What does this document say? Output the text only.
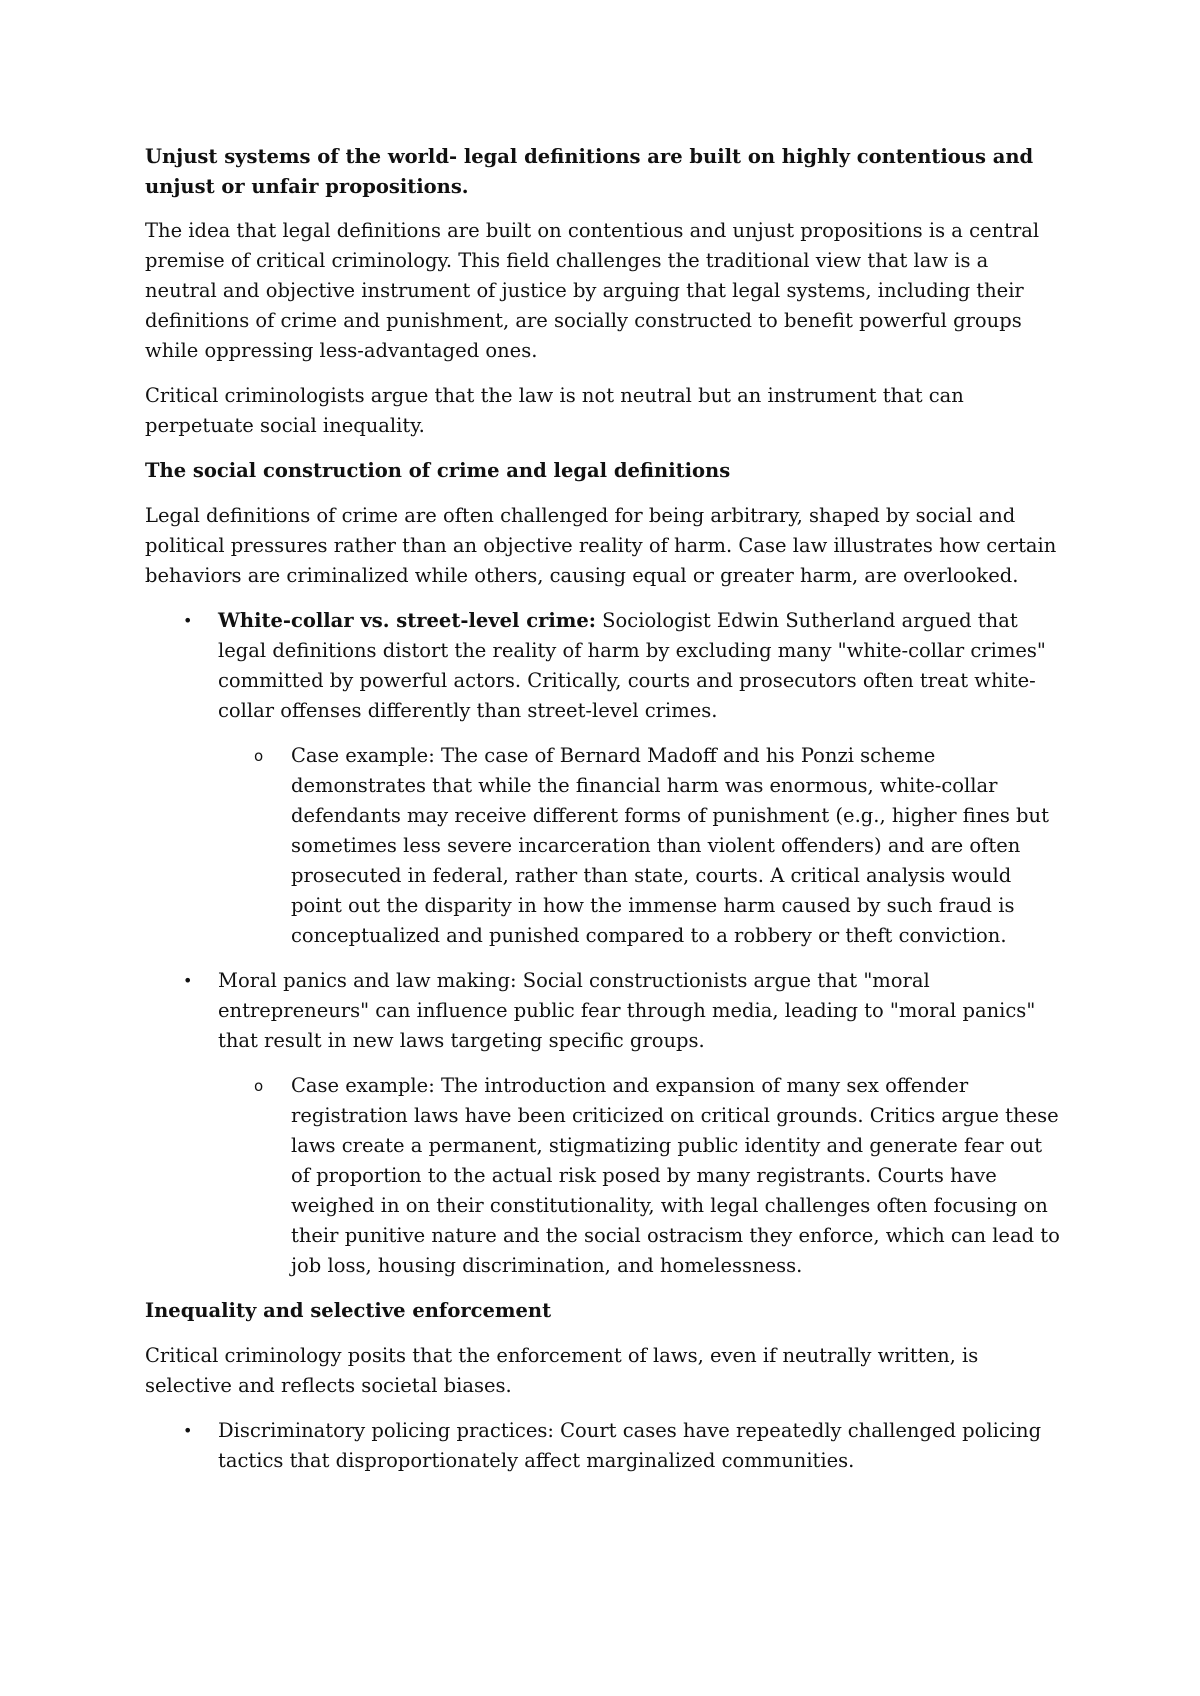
Unjust systems of the world- legal definitions are built on highly contentious and unjust or unfair propositions.

The idea that legal definitions are built on contentious and unjust propositions is a central premise of critical criminology. This field challenges the traditional view that law is a neutral and objective instrument of justice by arguing that legal systems, including their definitions of crime and punishment, are socially constructed to benefit powerful groups while oppressing less-advantaged ones.

Critical criminologists argue that the law is not neutral but an instrument that can perpetuate social inequality.

The social construction of crime and legal definitions

Legal definitions of crime are often challenged for being arbitrary, shaped by social and political pressures rather than an objective reality of harm. Case law illustrates how certain behaviors are criminalized while others, causing equal or greater harm, are overlooked.

• White-collar vs. street-level crime: Sociologist Edwin Sutherland argued that legal definitions distort the reality of harm by excluding many "white-collar crimes" committed by powerful actors. Critically, courts and prosecutors often treat white-collar offenses differently than street-level crimes.
o Case example: The case of Bernard Madoff and his Ponzi scheme demonstrates that while the financial harm was enormous, white-collar defendants may receive different forms of punishment (e.g., higher fines but sometimes less severe incarceration than violent offenders) and are often prosecuted in federal, rather than state, courts. A critical analysis would point out the disparity in how the immense harm caused by such fraud is conceptualized and punished compared to a robbery or theft conviction.
• Moral panics and law making: Social constructionists argue that "moral entrepreneurs" can influence public fear through media, leading to "moral panics" that result in new laws targeting specific groups.
o Case example: The introduction and expansion of many sex offender registration laws have been criticized on critical grounds. Critics argue these laws create a permanent, stigmatizing public identity and generate fear out of proportion to the actual risk posed by many registrants. Courts have weighed in on their constitutionality, with legal challenges often focusing on their punitive nature and the social ostracism they enforce, which can lead to job loss, housing discrimination, and homelessness.

Inequality and selective enforcement

Critical criminology posits that the enforcement of laws, even if neutrally written, is selective and reflects societal biases.

• Discriminatory policing practices: Court cases have repeatedly challenged policing tactics that disproportionately affect marginalized communities.
